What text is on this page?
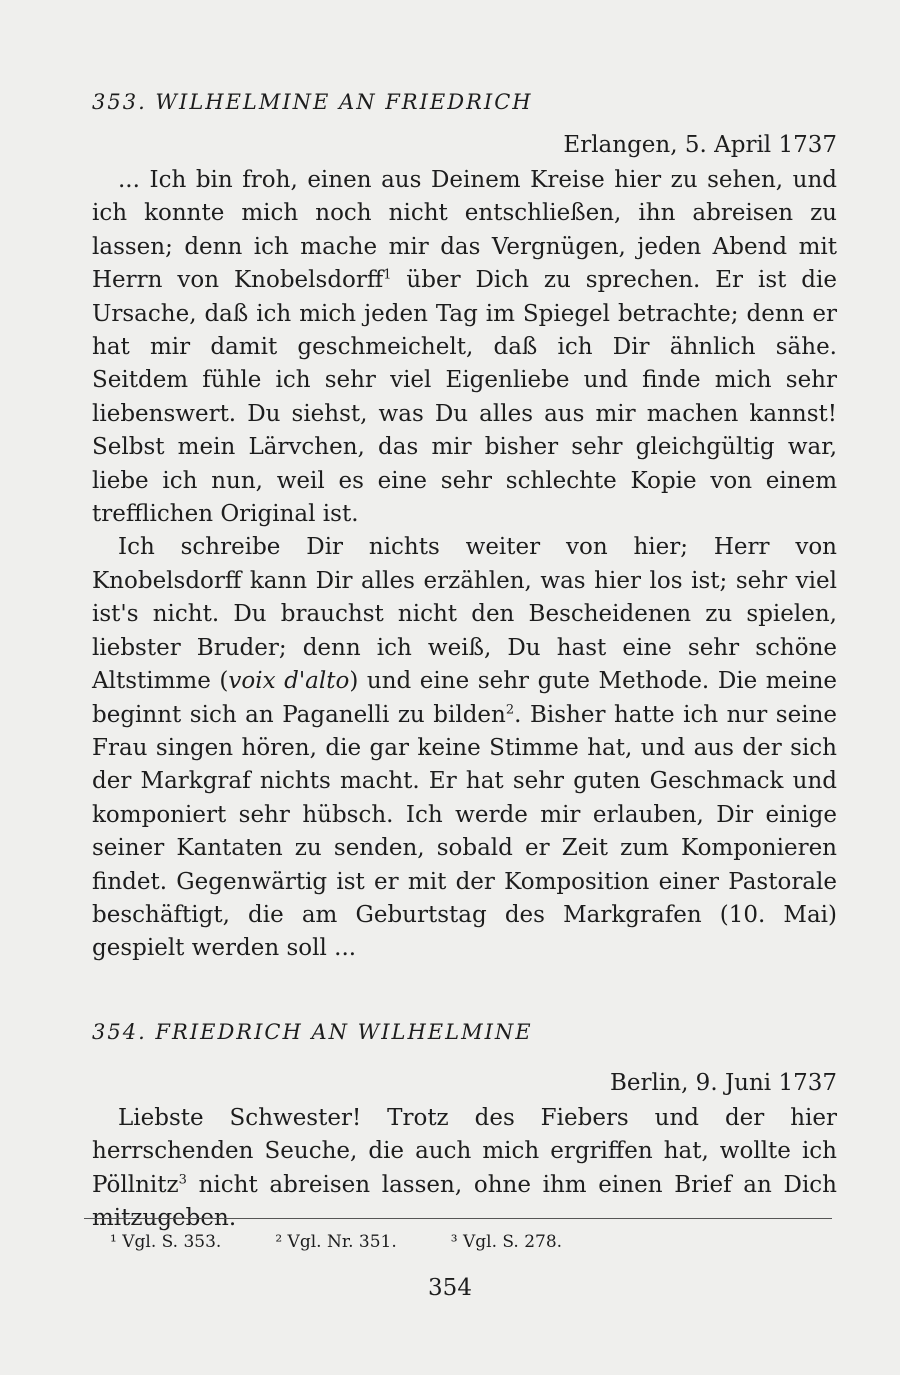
353. WILHELMINE AN FRIEDRICH

Erlangen, 5. April 1737

... Ich bin froh, einen aus Deinem Kreise hier zu sehen, und ich konnte mich noch nicht entschließen, ihn abreisen zu lassen; denn ich mache mir das Vergnügen, jeden Abend mit Herrn von Knobelsdorff$^1$ über Dich zu sprechen. Er ist die Ursache, daß ich mich jeden Tag im Spiegel betrachte; denn er hat mir damit geschmeichelt, daß ich Dir ähnlich sähe. Seitdem fühle ich sehr viel Eigenliebe und finde mich sehr liebenswert. Du siehst, was Du alles aus mir machen kannst! Selbst mein Lärvchen, das mir bisher sehr gleichgültig war, liebe ich nun, weil es eine sehr schlechte Kopie von einem trefflichen Original ist.

Ich schreibe Dir nichts weiter von hier; Herr von Knobelsdorff kann Dir alles erzählen, was hier los ist; sehr viel ist's nicht. Du brauchst nicht den Bescheidenen zu spielen, liebster Bruder; denn ich weiß, Du hast eine sehr schöne Altstimme (voix d'alto) und eine sehr gute Methode. Die meine beginnt sich an Paganelli zu bilden$^2$. Bisher hatte ich nur seine Frau singen hören, die gar keine Stimme hat, und aus der sich der Markgraf nichts macht. Er hat sehr guten Geschmack und komponiert sehr hübsch. Ich werde mir erlauben, Dir einige seiner Kantaten zu senden, sobald er Zeit zum Komponieren findet. Gegenwärtig ist er mit der Komposition einer Pastorale beschäftigt, die am Geburtstag des Markgrafen (10. Mai) gespielt werden soll ...

354. FRIEDRICH AN WILHELMINE

Berlin, 9. Juni 1737

Liebste Schwester! Trotz des Fiebers und der hier herrschenden Seuche, die auch mich ergriffen hat, wollte ich Pöllnitz$^3$ nicht abreisen lassen, ohne ihm einen Brief an Dich mitzugeben.

¹ Vgl. S. 353.	² Vgl. Nr. 351.	³ Vgl. S. 278.
354
